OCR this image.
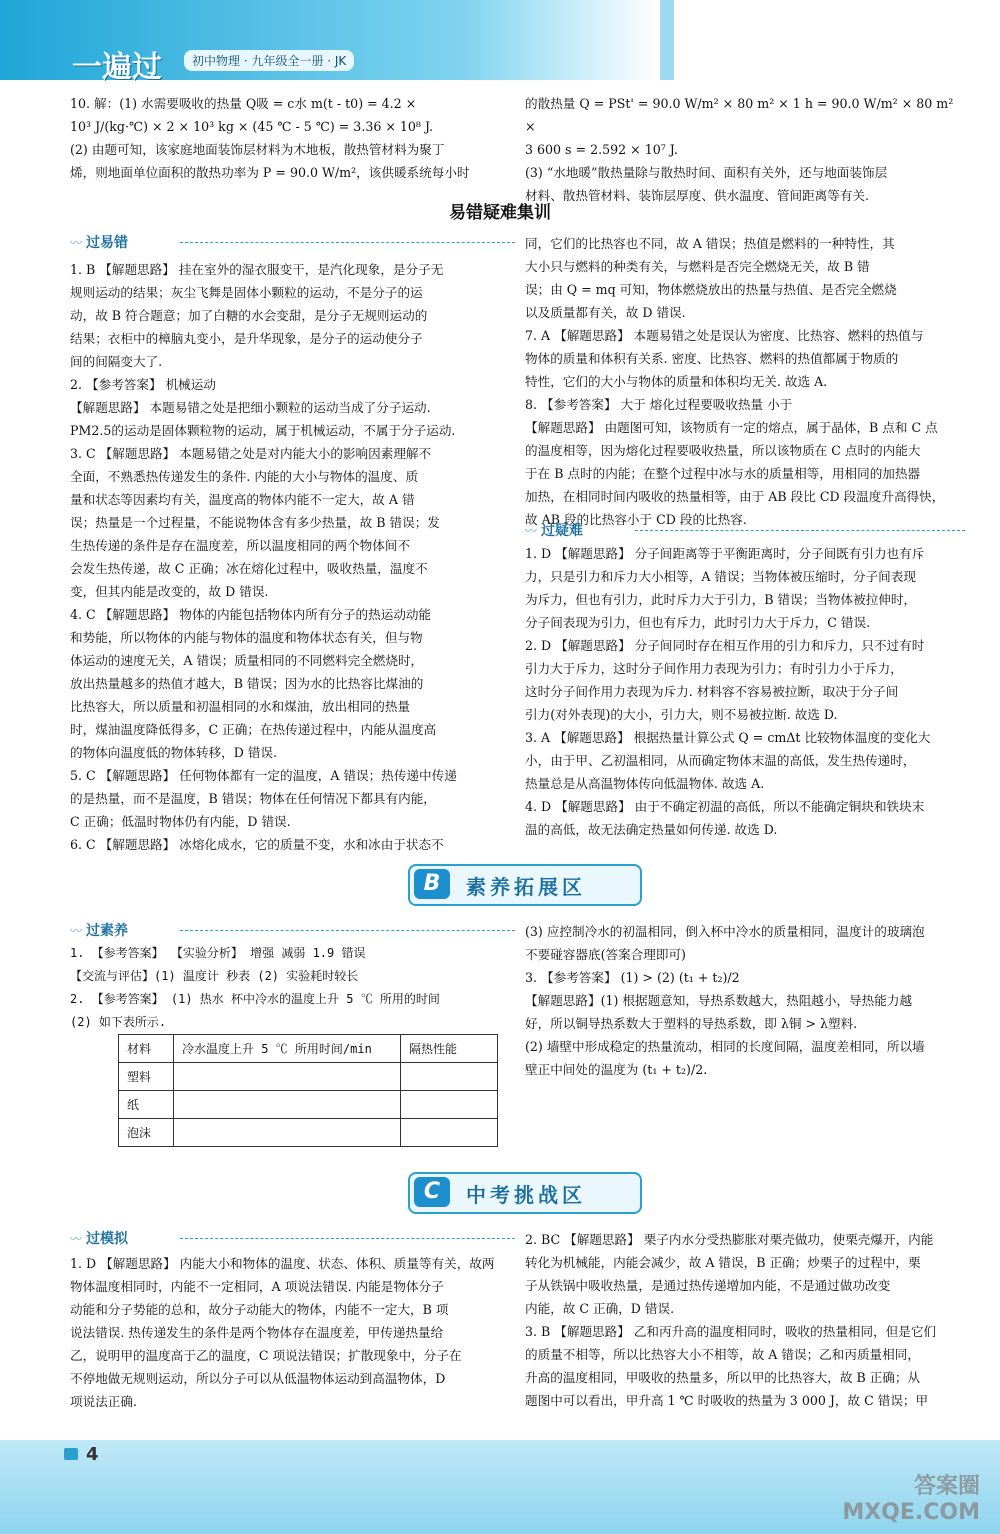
一遍过	初中物理 · 九年级全一册 · JK

10. 解：(1) 水需要吸收的热量 Q吸 = c水 m(t - t0) = 4.2 ×

10³ J/(kg·℃) × 2 × 10³ kg × (45 ℃ - 5 ℃) = 3.36 × 10⁸ J.

(2) 由题可知，该家庭地面装饰层材料为木地板，散热管材料为聚丁

烯，则地面单位面积的散热功率为 P = 90.0 W/m²，该供暖系统每小时

的散热量 Q = PSt' = 90.0 W/m² × 80 m² × 1 h = 90.0 W/m² × 80 m² ×

3 600 s = 2.592 × 10⁷ J.

(3) “水地暖”散热量除与散热时间、面积有关外，还与地面装饰层

材料、散热管材料、装饰层厚度、供水温度、管间距离等有关.

易错疑难集训
〰 过易错

1. B 【解题思路】 挂在室外的湿衣服变干，是汽化现象，是分子无

规则运动的结果；灰尘飞舞是固体小颗粒的运动，不是分子的运

动，故 B 符合题意；加了白糖的水会变甜，是分子无规则运动的

结果；衣柜中的樟脑丸变小，是升华现象，是分子的运动使分子

间的间隔变大了.

2. 【参考答案】 机械运动

【解题思路】 本题易错之处是把细小颗粒的运动当成了分子运动.

PM2.5的运动是固体颗粒物的运动，属于机械运动，不属于分子运动.

3. C 【解题思路】 本题易错之处是对内能大小的影响因素理解不

全面，不熟悉热传递发生的条件. 内能的大小与物体的温度、质

量和状态等因素均有关，温度高的物体内能不一定大，故 A 错

误；热量是一个过程量，不能说物体含有多少热量，故 B 错误；发

生热传递的条件是存在温度差，所以温度相同的两个物体间不

会发生热传递，故 C 正确；冰在熔化过程中，吸收热量，温度不

变，但其内能是改变的，故 D 错误.

4. C 【解题思路】 物体的内能包括物体内所有分子的热运动动能

和势能，所以物体的内能与物体的温度和物体状态有关，但与物

体运动的速度无关，A 错误；质量相同的不同燃料完全燃烧时，

放出热量越多的热值才越大，B 错误；因为水的比热容比煤油的

比热容大，所以质量和初温相同的水和煤油，放出相同的热量

时，煤油温度降低得多，C 正确；在热传递过程中，内能从温度高

的物体向温度低的物体转移，D 错误.

5. C 【解题思路】 任何物体都有一定的温度，A 错误；热传递中传递

的是热量，而不是温度，B 错误；物体在任何情况下都具有内能，

C 正确；低温时物体仍有内能，D 错误.

6. C 【解题思路】 冰熔化成水，它的质量不变，水和冰由于状态不

同，它们的比热容也不同，故 A 错误；热值是燃料的一种特性，其

大小只与燃料的种类有关，与燃料是否完全燃烧无关，故 B 错

误；由 Q = mq 可知，物体燃烧放出的热量与热值、是否完全燃烧

以及质量都有关，故 D 错误.

7. A 【解题思路】 本题易错之处是误认为密度、比热容、燃料的热值与

物体的质量和体积有关系. 密度、比热容、燃料的热值都属于物质的

特性，它们的大小与物体的质量和体积均无关. 故选 A.

8. 【参考答案】 大于 熔化过程要吸收热量 小于

【解题思路】 由题图可知，该物质有一定的熔点，属于晶体，B 点和 C 点

的温度相等，因为熔化过程要吸收热量，所以该物质在 C 点时的内能大

于在 B 点时的内能；在整个过程中冰与水的质量相等，用相同的加热器

加热，在相同时间内吸收的热量相等，由于 AB 段比 CD 段温度升高得快，

故 AB 段的比热容小于 CD 段的比热容.

〰 过疑难

1. D 【解题思路】 分子间距离等于平衡距离时，分子间既有引力也有斥

力，只是引力和斥力大小相等，A 错误；当物体被压缩时，分子间表现

为斥力，但也有引力，此时斥力大于引力，B 错误；当物体被拉伸时，

分子间表现为引力，但也有斥力，此时引力大于斥力，C 错误.

2. D 【解题思路】 分子间同时存在相互作用的引力和斥力，只不过有时

引力大于斥力，这时分子间作用力表现为引力；有时引力小于斥力，

这时分子间作用力表现为斥力. 材料容不容易被拉断，取决于分子间

引力(对外表现)的大小，引力大，则不易被拉断. 故选 D.

3. A 【解题思路】 根据热量计算公式 Q = cmΔt 比较物体温度的变化大

小，由于甲、乙初温相同，从而确定物体末温的高低，发生热传递时，

热量总是从高温物体传向低温物体. 故选 A.

4. D 【解题思路】 由于不确定初温的高低，所以不能确定铜块和铁块末

温的高低，故无法确定热量如何传递. 故选 D.

B	素养拓展区
〰 过素养

1. 【参考答案】 【实验分析】 增强 减弱 1.9 错误

【交流与评估】(1) 温度计 秒表 (2) 实验耗时较长

2. 【参考答案】 (1) 热水 杯中冷水的温度上升 5 ℃ 所用的时间

(2) 如下表所示.

材料	冷水温度上升 5 ℃ 所用时间/min	隔热性能
塑料		
纸		
泡沫		

(3) 应控制冷水的初温相同，倒入杯中冷水的质量相同，温度计的玻璃泡

不要碰容器底(答案合理即可)

3. 【参考答案】 (1) > (2) (t₁ + t₂)/2

【解题思路】(1) 根据题意知，导热系数越大，热阻越小，导热能力越

好，所以铜导热系数大于塑料的导热系数，即 λ铜 > λ塑料.

(2) 墙壁中形成稳定的热量流动，相同的长度间隔，温度差相同，所以墙

壁正中间处的温度为 (t₁ + t₂)/2.

C	中考挑战区
〰 过模拟

1. D 【解题思路】 内能大小和物体的温度、状态、体积、质量等有关，故两

物体温度相同时，内能不一定相同，A 项说法错误. 内能是物体分子

动能和分子势能的总和，故分子动能大的物体，内能不一定大，B 项

说法错误. 热传递发生的条件是两个物体存在温度差，甲传递热量给

乙，说明甲的温度高于乙的温度，C 项说法错误；扩散现象中，分子在

不停地做无规则运动，所以分子可以从低温物体运动到高温物体，D

项说法正确.

2. BC 【解题思路】 栗子内水分受热膨胀对栗壳做功，使栗壳爆开，内能

转化为机械能，内能会减少，故 A 错误，B 正确；炒栗子的过程中，栗

子从铁锅中吸收热量，是通过热传递增加内能，不是通过做功改变

内能，故 C 正确，D 错误.

3. B 【解题思路】 乙和丙升高的温度相同时，吸收的热量相同，但是它们

的质量不相等，所以比热容大小不相等，故 A 错误；乙和丙质量相同，

升高的温度相同，甲吸收的热量多，所以甲的比热容大，故 B 正确；从

题图中可以看出，甲升高 1 ℃ 时吸收的热量为 3 000 J，故 C 错误；甲

4
答案圈
MXQE.COM
